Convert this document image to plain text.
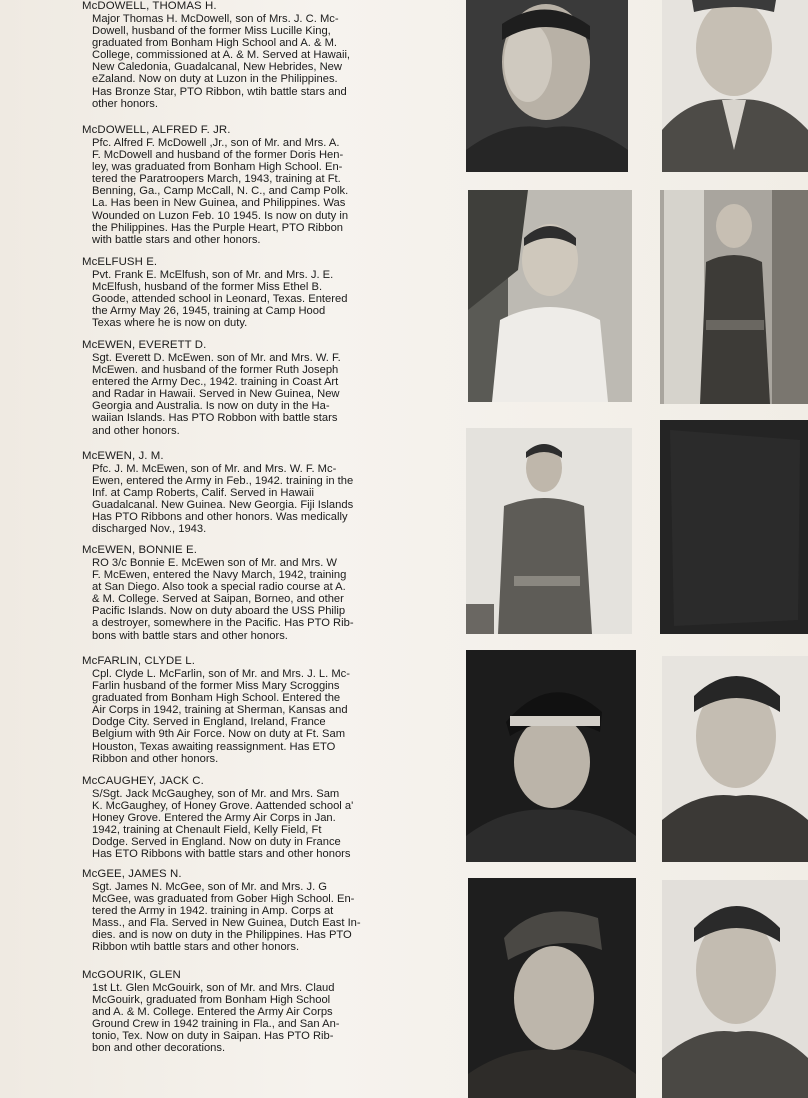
McDOWELL, THOMAS H.

Major Thomas H. McDowell, son of Mrs. J. C. Mc-
Dowell, husband of the former Miss Lucille King,
graduated from Bonham High School and A. & M.
College, commissioned at A. & M. Served at Hawaii,
New Caledonia, Guadalcanal, New Hebrides, New
eZaland. Now on duty at Luzon in the Philippines.
Has Bronze Star, PTO Ribbon, wtih battle stars and
other honors.

McDOWELL, ALFRED F. JR.

Pfc. Alfred F. McDowell ,Jr., son of Mr. and Mrs. A.
F. McDowell and husband of the former Doris Hen-
ley, was graduated from Bonham High School. En-
tered the Paratroopers March, 1943, training at Ft.
Benning, Ga., Camp McCall, N. C., and Camp Polk.
La. Has been in New Guinea, and Philippines. Was
Wounded on Luzon Feb. 10 1945. Is now on duty in
the Philippines. Has the Purple Heart, PTO Ribbon
with battle stars and other honors.

McELFUSH E.

Pvt. Frank E. McElfush, son of Mr. and Mrs. J. E.
McElfush, husband of the former Miss Ethel B.
Goode, attended school in Leonard, Texas. Entered
the Army May 26, 1945, training at Camp Hood
Texas where he is now on duty.

McEWEN, EVERETT D.

Sgt. Everett D. McEwen. son of Mr. and Mrs. W. F.
McEwen. and husband of the former Ruth Joseph
entered the Army Dec., 1942. training in Coast Art
and Radar in Hawaii. Served in New Guinea, New
Georgia and Australia. Is now on duty in the Ha-
waiian Islands. Has PTO Robbon with battle stars
and other honors.

McEWEN, J. M.

Pfc. J. M. McEwen, son of Mr. and Mrs. W. F. Mc-
Ewen, entered the Army in Feb., 1942. training in the
Inf. at Camp Roberts, Calif. Served in Hawaii
Guadalcanal. New Guinea. New Georgia. Fiji Islands
Has PTO Ribbons and other honors. Was medically
discharged Nov., 1943.

McEWEN, BONNIE E.

RO 3/c Bonnie E. McEwen son of Mr. and Mrs. W
F. McEwen, entered the Navy March, 1942, training
at San Diego. Also took a special radio course at A.
& M. College. Served at Saipan, Borneo, and other
Pacific Islands. Now on duty aboard the USS Philip
a destroyer, somewhere in the Pacific. Has PTO Rib-
bons with battle stars and other honors.

McFARLIN, CLYDE L.

Cpl. Clyde L. McFarlin, son of Mr. and Mrs. J. L. Mc-
Farlin husband of the former Miss Mary Scroggins
graduated from Bonham High School. Entered the
Air Corps in 1942, training at Sherman, Kansas and
Dodge City. Served in England, Ireland, France
Belgium with 9th Air Force. Now on duty at Ft. Sam
Houston, Texas awaiting reassignment. Has ETO
Ribbon and other honors.

McCAUGHEY, JACK C.

S/Sgt. Jack McGaughey, son of Mr. and Mrs. Sam
K. McGaughey, of Honey Grove. Aattended school a'
Honey Grove. Entered the Army Air Corps in Jan.
1942, training at Chenault Field, Kelly Field, Ft
Dodge. Served in England. Now on duty in France
Has ETO Ribbons with battle stars and other honors

McGEE, JAMES N.

Sgt. James N. McGee, son of Mr. and Mrs. J. G
McGee, was graduated from Gober High School. En-
tered the Army in 1942. training in Amp. Corps at
Mass., and Fla. Served in New Guinea, Dutch East In-
dies. and is now on duty in the Philippines. Has PTO
Ribbon wtih battle stars and other honors.

McGOURIK, GLEN

1st Lt. Glen McGouirk, son of Mr. and Mrs. Claud
McGouirk, graduated from Bonham High School
and A. & M. College. Entered the Army Air Corps
Ground Crew in 1942 training in Fla., and San An-
tonio, Tex. Now on duty in Saipan. Has PTO Rib-
bon and other decorations.
